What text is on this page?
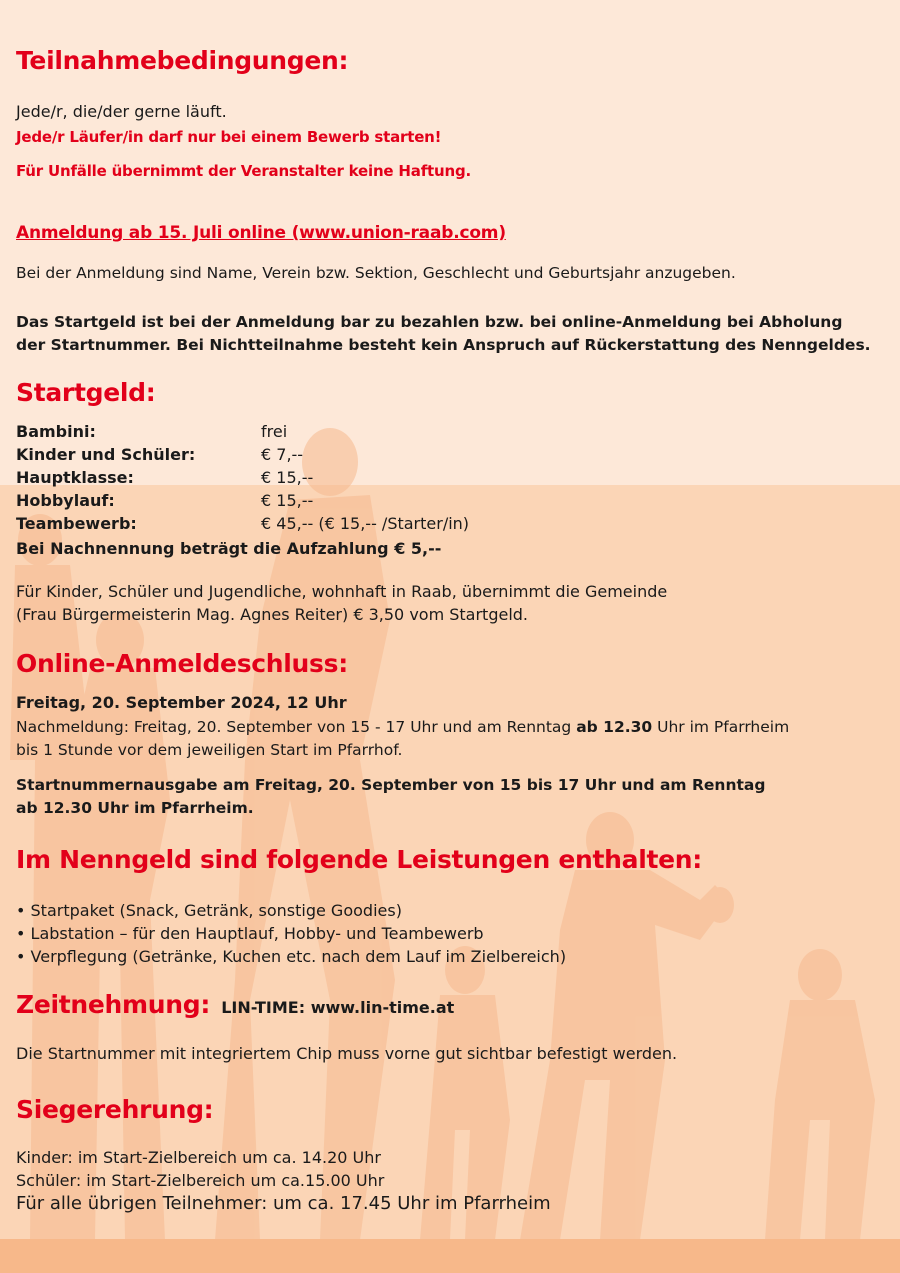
Teilnahmebedingungen:
Jede/r, die/der gerne läuft.
Jede/r Läufer/in darf nur bei einem Bewerb starten!
Für Unfälle übernimmt der Veranstalter keine Haftung.
Anmeldung ab 15. Juli online (www.union-raab.com)
Bei der Anmeldung sind Name, Verein bzw. Sektion, Geschlecht und Geburtsjahr anzugeben.
Das Startgeld ist bei der Anmeldung bar zu bezahlen bzw. bei online-Anmeldung bei Abholung
der Startnummer. Bei Nichtteilnahme besteht kein Anspruch auf Rückerstattung des Nenngeldes.
Startgeld:
Bambini:	frei
Kinder und Schüler:	€ 7,--
Hauptklasse:	€ 15,--
Hobbylauf:	€ 15,--
Teambewerb:	€ 45,-- (€ 15,-- /Starter/in)
Bei Nachnennung beträgt die Aufzahlung € 5,--
Für Kinder, Schüler und Jugendliche, wohnhaft in Raab, übernimmt die Gemeinde
(Frau Bürgermeisterin Mag. Agnes Reiter) € 3,50 vom Startgeld.
Online-Anmeldeschluss:
Freitag, 20. September 2024, 12 Uhr
Nachmeldung: Freitag, 20. September von 15 - 17 Uhr und am Renntag ab 12.30 Uhr im Pfarrheim
bis 1 Stunde vor dem jeweiligen Start im Pfarrhof.
Startnummernausgabe am Freitag, 20. September von 15 bis 17 Uhr und am Renntag
ab 12.30 Uhr im Pfarrheim.
Im Nenngeld sind folgende Leistungen enthalten:
• Startpaket (Snack, Getränk, sonstige Goodies)
• Labstation – für den Hauptlauf, Hobby- und Teambewerb
• Verpflegung (Getränke, Kuchen etc. nach dem Lauf im Zielbereich)
Zeitnehmung: LIN-TIME: www.lin-time.at
Die Startnummer mit integriertem Chip muss vorne gut sichtbar befestigt werden.
Siegerehrung:
Kinder: im Start-Zielbereich um ca. 14.20 Uhr
Schüler: im Start-Zielbereich um ca.15.00 Uhr
Für alle übrigen Teilnehmer: um ca. 17.45 Uhr im Pfarrheim
